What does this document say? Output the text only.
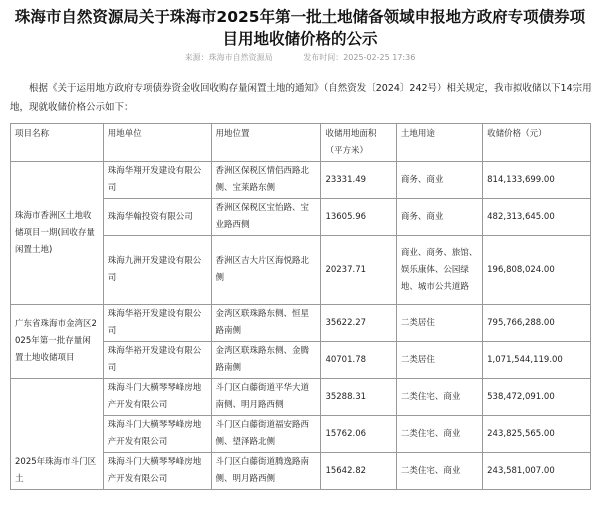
珠海市自然资源局关于珠海市2025年第一批土地储备领域申报地方政府专项债券项目用地收储价格的公示
来源：珠海市自然资源局	发布时间：2025-02-25 17:36
根据《关于运用地方政府专项债券资金收回收购存量闲置土地的通知》（自然资发〔2024〕242号）相关规定，我市拟收储以下14宗用地，现就收储价格公示如下：
项目名称	用地单位	用地位置	收储用地面积（平方米）	土地用途	收储价格（元）
珠海市香洲区土地收储项目一期(回收存量闲置土地)	珠海华翔开发建设有限公司	香洲区保税区情侣西路北侧、宝莱路东侧	23331.49	商务、商业	814,133,699.00
	珠海华翰投资有限公司	香洲区保税区宝怡路、宝业路西侧	13605.96	商务、商业	482,313,645.00
	珠海九洲开发建设有限公司	香洲区吉大片区海悦路北侧	20237.71	商业、商务、旅馆、娱乐康体、公园绿地、城市公共道路	196,808,024.00
广东省珠海市金湾区2025年第一批存量闲置土地收储项目	珠海华裕开发建设有限公司	金湾区联珠路东侧、恒星路南侧	35622.27	二类居住	795,766,288.00
	珠海华裕开发建设有限公司	金湾区联珠路东侧、金腾路南侧	40701.78	二类居住	1,071,544,119.00
2025年珠海市斗门区土	珠海斗门大横琴琴峰房地产开发有限公司	斗门区白藤街道平华大道南侧、明月路西侧	35288.31	二类住宅、商业	538,472,091.00
	珠海斗门大横琴琴峰房地产开发有限公司	斗门区白藤街道福安路西侧、望泽路北侧	15762.06	二类住宅、商业	243,825,565.00
	珠海斗门大横琴琴峰房地产开发有限公司	斗门区白藤街道腾逸路南侧、明月路西侧	15642.82	二类住宅、商业	243,581,007.00
